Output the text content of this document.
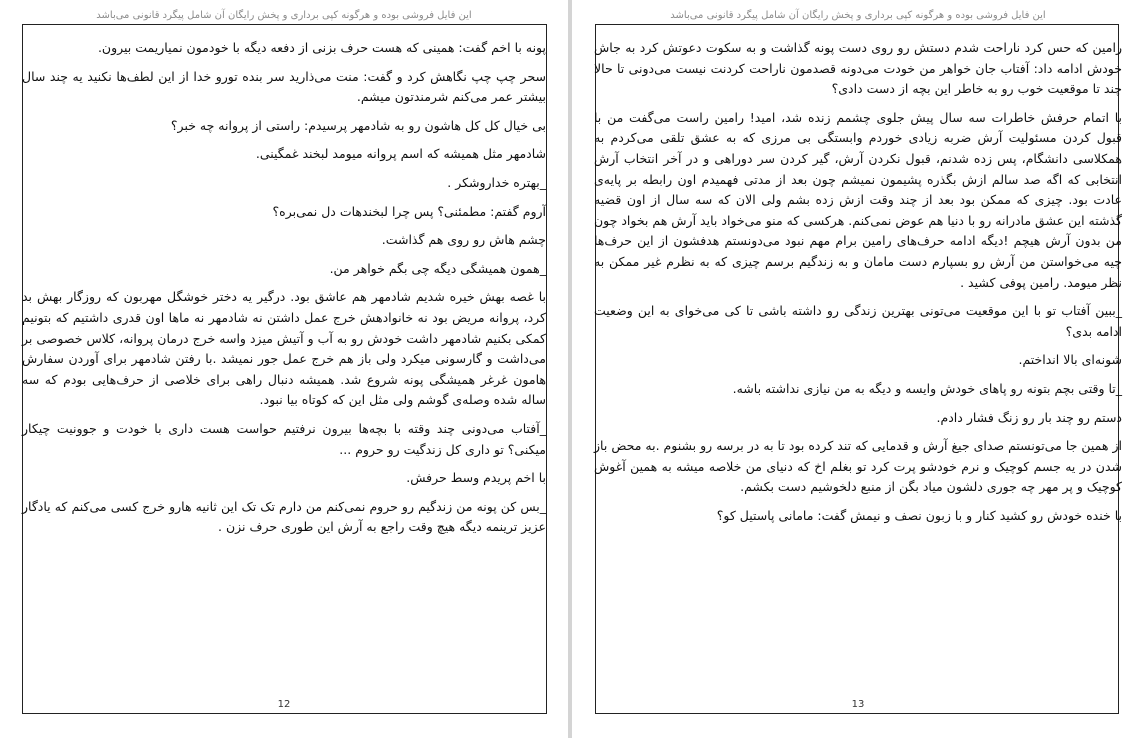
این فایل فروشی بوده و هرگونه کپی برداری و پخش رایگان آن شامل پیگرد قانونی می‌باشد

پونه با اخم گفت: همینی که هست حرف بزنی از دفعه دیگه با خودمون نمیاریمت بیرون.

سحر چپ چپ نگاهش کرد و گفت: منت می‌ذارید سر بنده تورو خدا از این لطف‌ها نکنید یه چند سال بیشتر عمر می‌کنم شرمندتون میشم.

بی خیال کل کل هاشون رو به شادمهر پرسیدم: راستی از پروانه چه خبر؟

شادمهر مثل همیشه که اسم پروانه میومد لبخند غمگینی.

_بهتره خداروشکر .

آروم گفتم: مطمئنی؟ پس چرا لبخندهات دل نمی‌بره؟

چشم هاش رو روی هم گذاشت.

_همون همیشگی دیگه چی بگم خواهر من.

با غصه بهش خیره شدیم شادمهر هم عاشق بود. درگیر یه دختر خوشگل مهربون که روزگار بهش بد کرد، پروانه مریض بود نه خانوادهش خرج عمل داشتن نه شادمهر نه ماها اون قدری داشتیم که بتونیم کمکی بکنیم شادمهر داشت خودش رو به آب و آتیش میزد واسه خرج درمان پروانه، کلاس خصوصی بر می‌داشت و گارسونی میکرد ولی باز هم خرج عمل جور نمیشد .با رفتن شادمهر برای آوردن سفارش هامون غرغر همیشگی پونه شروع شد. همیشه دنبال راهی برای خلاصی از حرف‌هایی بودم که سه ساله شده وصله‌ی گوشم ولی مثل این که کوتاه بیا نبود.

_آفتاب می‌دونی چند وقته با بچه‌ها بیرون نرفتیم حواست هست داری با خودت و جوونیت چیکار میکنی؟ تو داری کل زندگیت رو حروم ...

با اخم پریدم وسط حرفش.

_بس کن پونه من زندگیم رو حروم نمی‌کنم من دارم تک تک این ثانیه هارو خرج کسی می‌کنم که یادگار عزیز ترینمه دیگه هیچ وقت راجع به آرش این طوری حرف نزن .

12
این فایل فروشی بوده و هرگونه کپی برداری و پخش رایگان آن شامل پیگرد قانونی می‌باشد

رامین که حس کرد ناراحت شدم دستش رو روی دست پونه گذاشت و به سکوت دعوتش کرد به جاش خودش ادامه داد: آفتاب جان خواهر من خودت می‌دونه قصدمون ناراحت کردنت نیست می‌دونی تا حالا چند تا موقعیت خوب رو به خاطر این بچه از دست دادی؟

با اتمام حرفش خاطرات سه سال پیش جلوی چشمم زنده شد، امید! رامین راست می‌گفت من با قبول کردن مسئولیت آرش ضربه زیادی خوردم وابستگی بی مرزی که به عشق تلقی می‌کردم به همکلاسی دانشگام، پس زده شدنم، قبول نکردن آرش، گیر کردن سر دوراهی و در آخر انتخاب آرش انتخابی که اگه صد سالم ازش بگذره پشیمون نمیشم چون بعد از مدتی فهمیدم اون رابطه بر پایه‌ی عادت بود. چیزی که ممکن بود بعد از چند وقت ازش زده بشم ولی الان که سه سال از اون قضیه گذشته این عشق مادرانه رو با دنیا هم عوض نمی‌کنم. هرکسی که منو می‌خواد باید آرش هم بخواد چون من بدون آرش هیچم !دیگه ادامه حرف‌های رامین برام مهم نبود می‌دونستم هدفشون از این حرف‌ها چیه می‌خواستن من آرش رو بسپارم دست مامان و به زندگیم برسم چیزی که به نظرم غیر ممکن به نظر میومد. رامین پوفی کشید .

_ببین آفتاب تو با این موقعیت می‌تونی بهترین زندگی رو داشته باشی تا کی می‌خوای به این وضعیت ادامه بدی؟

شونه‌ای بالا انداختم.

_تا وقتی بچم بتونه رو پاهای خودش وایسه و دیگه به من نیازی نداشته باشه.

دستم رو چند بار رو زنگ فشار دادم.

از همین جا می‌تونستم صدای جیغ آرش و قدمایی که تند کرده بود تا به در برسه رو بشنوم .به محض باز شدن در یه جسم کوچیک و نرم خودشو پرت کرد تو بغلم اخ که دنیای من خلاصه میشه به همین آغوش کوچیک و پر مهر چه جوری دلشون میاد بگن از منبع دلخوشیم دست بکشم.

با خنده خودش رو کشید کنار و با زبون نصف و نیمش گفت: مامانی پاستیل کو؟

13
